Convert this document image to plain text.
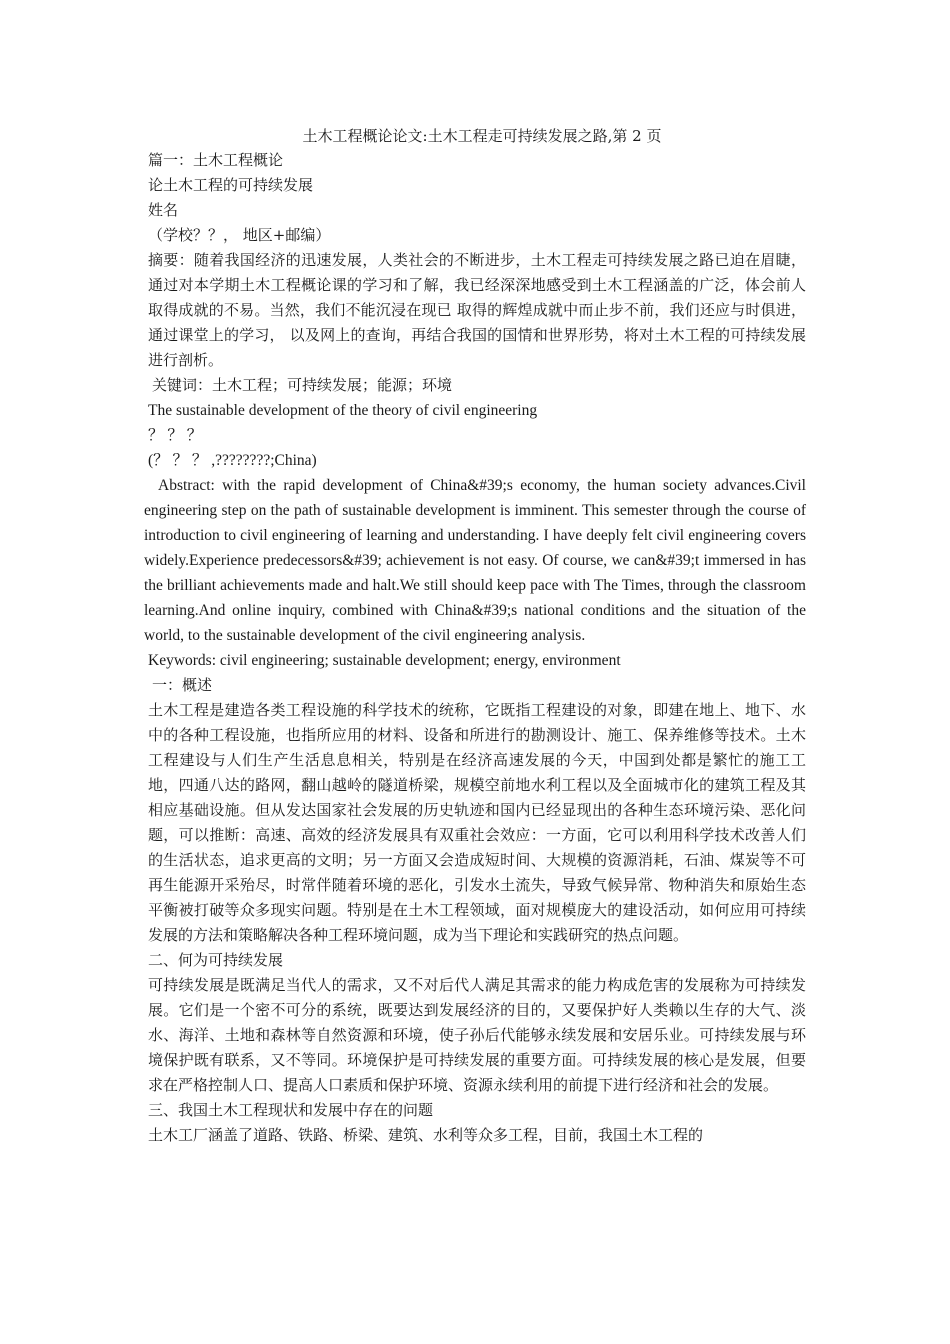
土木工程概论论文:土木工程走可持续发展之路,第 2 页

篇一：土木工程概论

论土木工程的可持续发展

姓名

（学校？？， 地区+邮编）

摘要：随着我国经济的迅速发展，人类社会的不断进步，土木工程走可持续发展之路已迫在眉睫，通过对本学期土木工程概论课的学习和了解，我已经深深地感受到土木工程涵盖的广泛，体会前人取得成就的不易。当然，我们不能沉浸在现已 取得的辉煌成就中而止步不前，我们还应与时俱进，通过课堂上的学习， 以及网上的查询，再结合我国的国情和世界形势，将对土木工程的可持续发展进行剖析。

关键词：土木工程；可持续发展；能源；环境

The sustainable development of the theory of civil engineering

？ ？ ？

(？ ？ ？ ,????????;China)

Abstract: with the rapid development of China&#39;s economy, the human society advances.Civil engineering step on the path of sustainable development is imminent. This semester through the course of introduction to civil engineering of learning and understanding. I have deeply felt civil engineering covers widely.Experience predecessors&#39; achievement is not easy. Of course, we can&#39;t immersed in has the brilliant achievements made and halt.We still should keep pace with The Times, through the classroom learning.And online inquiry, combined with China&#39;s national conditions and the situation of the world, to the sustainable development of the civil engineering analysis.

Keywords: civil engineering; sustainable development; energy, environment

一：概述

土木工程是建造各类工程设施的科学技术的统称，它既指工程建设的对象，即建在地上、地下、水中的各种工程设施，也指所应用的材料、设备和所进行的勘测设计、施工、保养维修等技术。土木工程建设与人们生产生活息息相关，特别是在经济高速发展的今天，中国到处都是繁忙的施工工地，四通八达的路网，翻山越岭的隧道桥梁，规模空前地水利工程以及全面城市化的建筑工程及其相应基础设施。但从发达国家社会发展的历史轨迹和国内已经显现出的各种生态环境污染、恶化问题，可以推断：高速、高效的经济发展具有双重社会效应：一方面，它可以利用科学技术改善人们的生活状态，追求更高的文明；另一方面又会造成短时间、大规模的资源消耗，石油、煤炭等不可再生能源开采殆尽，时常伴随着环境的恶化，引发水土流失，导致气候异常、物种消失和原始生态平衡被打破等众多现实问题。特别是在土木工程领域，面对规模庞大的建设活动，如何应用可持续发展的方法和策略解决各种工程环境问题，成为当下理论和实践研究的热点问题。

二、何为可持续发展

可持续发展是既满足当代人的需求，又不对后代人满足其需求的能力构成危害的发展称为可持续发展。它们是一个密不可分的系统，既要达到发展经济的目的，又要保护好人类赖以生存的大气、淡水、海洋、土地和森林等自然资源和环境，使子孙后代能够永续发展和安居乐业。可持续发展与环境保护既有联系，又不等同。环境保护是可持续发展的重要方面。可持续发展的核心是发展，但要求在严格控制人口、提高人口素质和保护环境、资源永续利用的前提下进行经济和社会的发展。

三、我国土木工程现状和发展中存在的问题

土木工厂涵盖了道路、铁路、桥梁、建筑、水利等众多工程，目前，我国土木工程的
